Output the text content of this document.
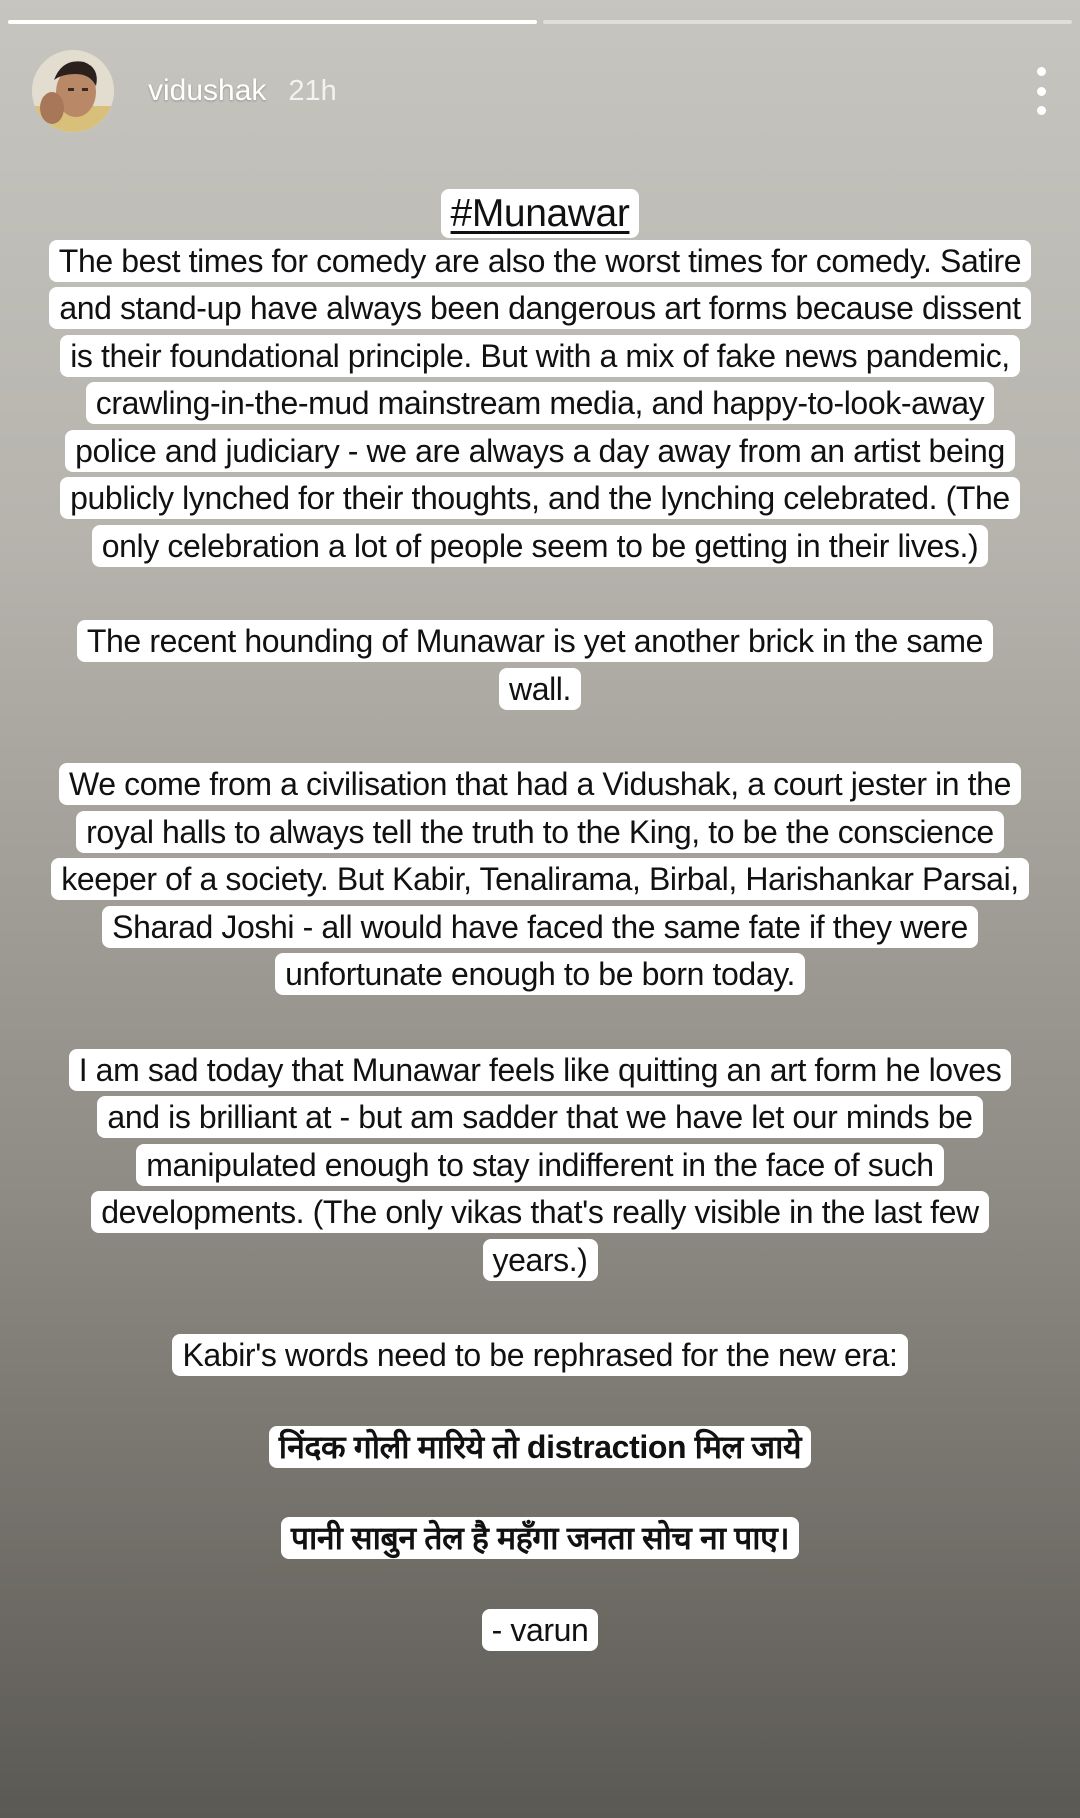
vidushak 21h
#Munawar
The best times for comedy are also the worst times for comedy. Satire and stand-up have always been dangerous art forms because dissent is their foundational principle. But with a mix of fake news pandemic, crawling-in-the-mud mainstream media, and happy-to-look-away police and judiciary - we are always a day away from an artist being publicly lynched for their thoughts, and the lynching celebrated. (The only celebration a lot of people seem to be getting in their lives.)
The recent hounding of Munawar is yet another brick in the same wall.
We come from a civilisation that had a Vidushak, a court jester in the royal halls to always tell the truth to the King, to be the conscience keeper of a society. But Kabir, Tenalirama, Birbal, Harishankar Parsai, Sharad Joshi - all would have faced the same fate if they were unfortunate enough to be born today.
I am sad today that Munawar feels like quitting an art form he loves and is brilliant at - but am sadder that we have let our minds be manipulated enough to stay indifferent in the face of such developments. (The only vikas that's really visible in the last few years.)
Kabir's words need to be rephrased for the new era:
निंदक गोली मारिये तो distraction मिल जाये
पानी साबुन तेल है महँगा जनता सोच ना पाए।
- varun
